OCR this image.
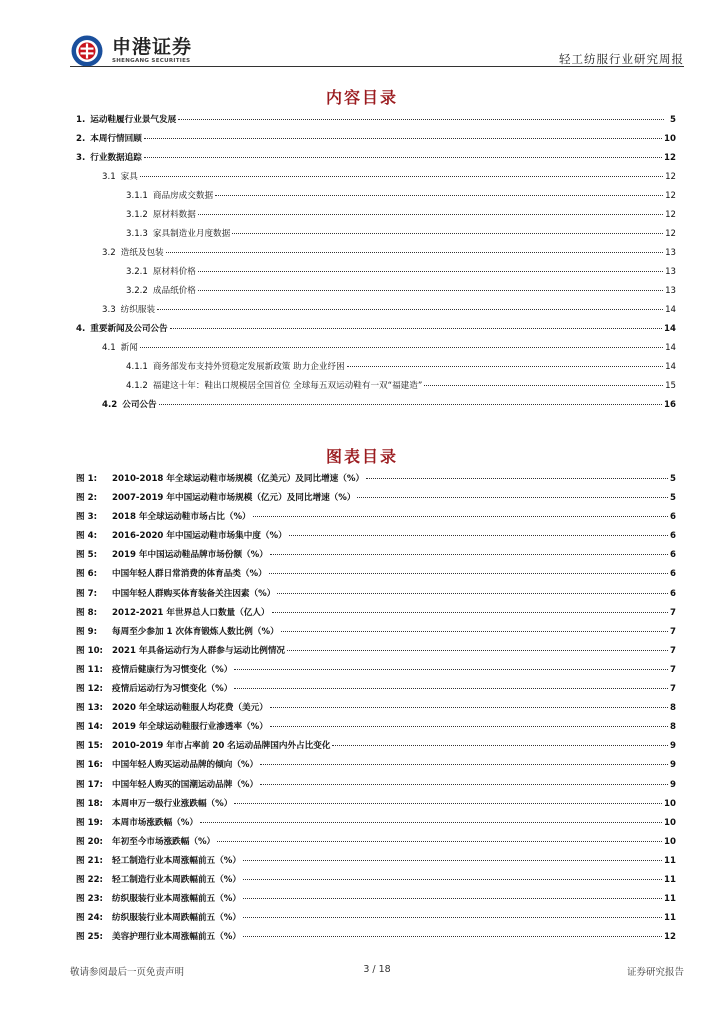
申港证券
SHENGANG SECURITIES	轻工纺服行业研究周报
内容目录
1. 运动鞋履行业景气发展	5
2. 本周行情回顾	10
3. 行业数据追踪	12
3.1 家具	12
3.1.1 商品房成交数据	12
3.1.2 原材料数据	12
3.1.3 家具制造业月度数据	12
3.2 造纸及包装	13
3.2.1 原材料价格	13
3.2.2 成品纸价格	13
3.3 纺织服装	14
4. 重要新闻及公司公告	14
4.1 新闻	14
4.1.1 商务部发布支持外贸稳定发展新政策 助力企业纾困	14
4.1.2 福建这十年：鞋出口规模居全国首位 全球每五双运动鞋有一双“福建造”	15
4.2 公司公告	16
图表目录
图 1:	2010-2018 年全球运动鞋市场规模（亿美元）及同比增速（%）	5
图 2:	2007-2019 年中国运动鞋市场规模（亿元）及同比增速（%）	5
图 3:	2018 年全球运动鞋市场占比（%）	6
图 4:	2016-2020 年中国运动鞋市场集中度（%）	6
图 5:	2019 年中国运动鞋品牌市场份额（%）	6
图 6:	中国年轻人群日常消费的体育品类（%）	6
图 7:	中国年轻人群购买体育装备关注因素（%）	6
图 8:	2012-2021 年世界总人口数量（亿人）	7
图 9:	每周至少参加 1 次体育锻炼人数比例（%）	7
图 10:	2021 年具备运动行为人群参与运动比例情况	7
图 11:	疫情后健康行为习惯变化（%）	7
图 12:	疫情后运动行为习惯变化（%）	7
图 13:	2020 年全球运动鞋服人均花费（美元）	8
图 14:	2019 年全球运动鞋服行业渗透率（%）	8
图 15:	2010-2019 年市占率前 20 名运动品牌国内外占比变化	9
图 16:	中国年轻人购买运动品牌的倾向（%）	9
图 17:	中国年轻人购买的国潮运动品牌（%）	9
图 18:	本周申万一级行业涨跌幅（%）	10
图 19:	本周市场涨跌幅（%）	10
图 20:	年初至今市场涨跌幅（%）	10
图 21:	轻工制造行业本周涨幅前五（%）	11
图 22:	轻工制造行业本周跌幅前五（%）	11
图 23:	纺织服装行业本周涨幅前五（%）	11
图 24:	纺织服装行业本周跌幅前五（%）	11
图 25:	美容护理行业本周涨幅前五（%）	12
敬请参阅最后一页免责声明	3 / 18	证券研究报告
